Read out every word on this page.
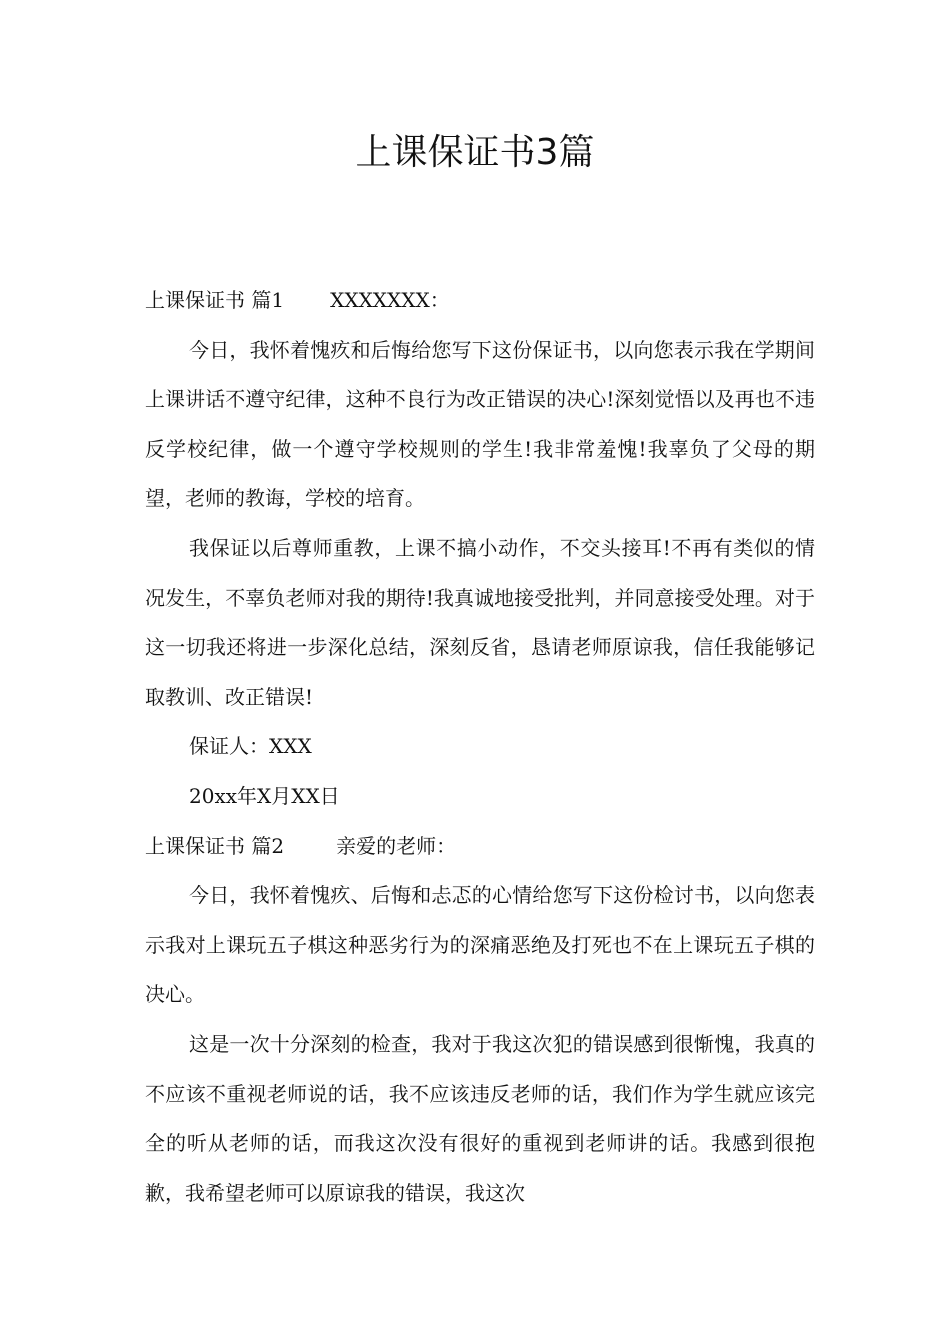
上课保证书3篇
上课保证书 篇1 XXXXXXX：

今日，我怀着愧疚和后悔给您写下这份保证书，以向您表示我在学期间上课讲话不遵守纪律，这种不良行为改正错误的决心!深刻觉悟以及再也不违反学校纪律，做一个遵守学校规则的学生!我非常羞愧!我辜负了父母的期望，老师的教诲，学校的培育。

我保证以后尊师重教，上课不搞小动作，不交头接耳!不再有类似的情况发生，不辜负老师对我的期待!我真诚地接受批判，并同意接受处理。对于这一切我还将进一步深化总结，深刻反省，恳请老师原谅我，信任我能够记取教训、改正错误!

保证人：XXX

20xx年X月XX日

上课保证书 篇2	亲爱的老师：

今日，我怀着愧疚、后悔和忐忑的心情给您写下这份检讨书，以向您表示我对上课玩五子棋这种恶劣行为的深痛恶绝及打死也不在上课玩五子棋的决心。

这是一次十分深刻的检查，我对于我这次犯的错误感到很惭愧，我真的不应该不重视老师说的话，我不应该违反老师的话，我们作为学生就应该完全的听从老师的话，而我这次没有很好的重视到老师讲的话。我感到很抱歉，我希望老师可以原谅我的错误，我这次
